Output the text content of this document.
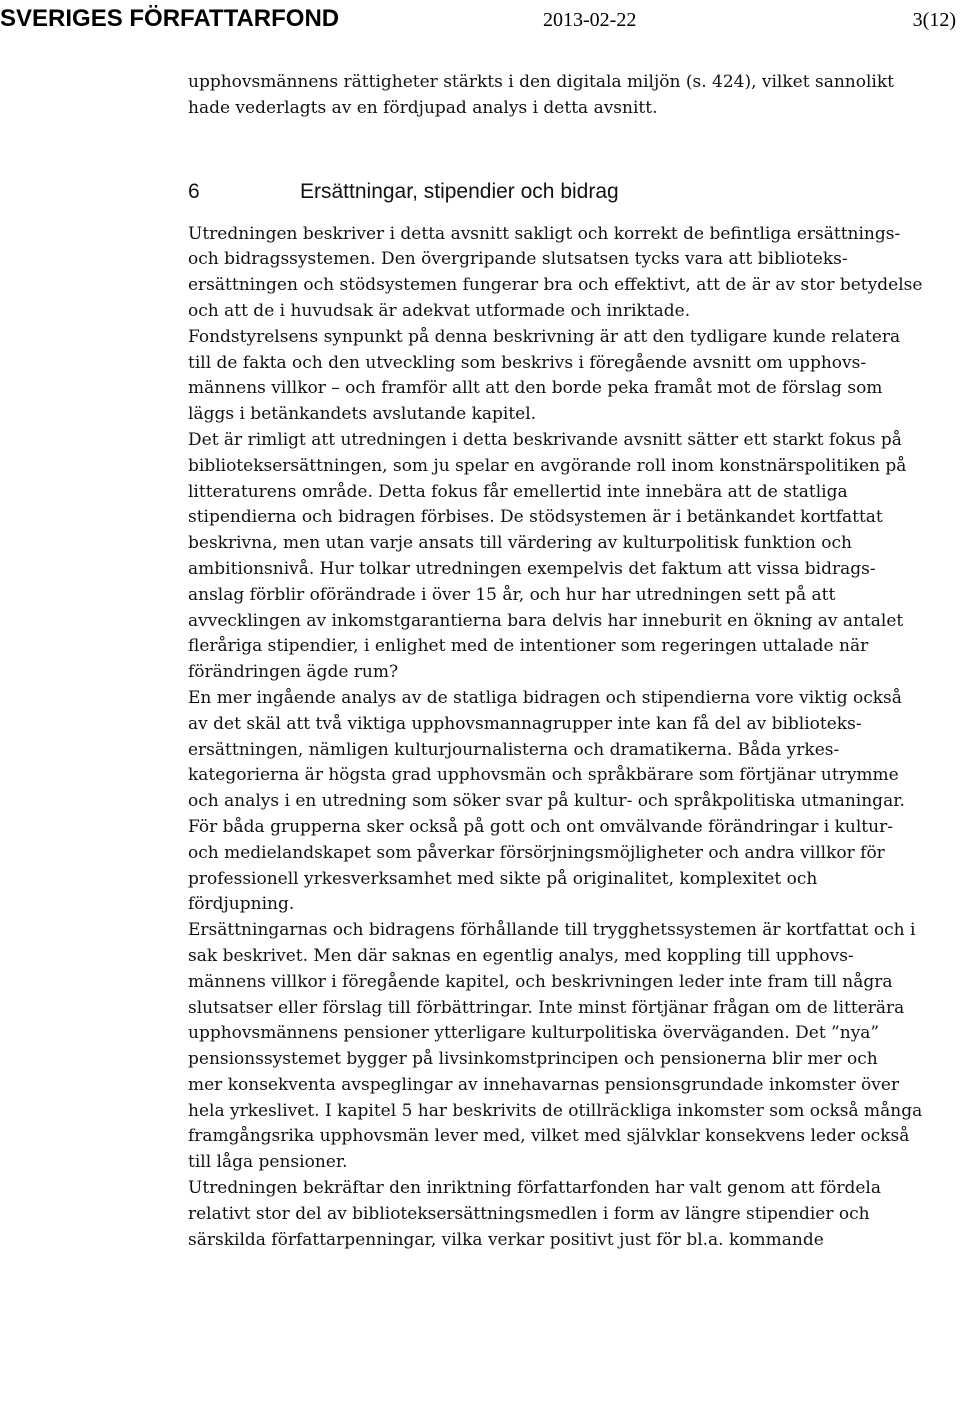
SVERIGES FÖRFATTARFOND	2013-02-22	3(12)

upphovsmännens rättigheter stärkts i den digitala miljön (s. 424), vilket sannolikt
hade vederlagts av en fördjupad analys i detta avsnitt.

6	Ersättningar, stipendier och bidrag

Utredningen beskriver i detta avsnitt sakligt och korrekt de befintliga ersättnings-
och bidragssystemen. Den övergripande slutsatsen tycks vara att biblioteks-
ersättningen och stödsystemen fungerar bra och effektivt, att de är av stor betydelse
och att de i huvudsak är adekvat utformade och inriktade.

Fondstyrelsens synpunkt på denna beskrivning är att den tydligare kunde relatera
till de fakta och den utveckling som beskrivs i föregående avsnitt om upphovs-
männens villkor – och framför allt att den borde peka framåt mot de förslag som
läggs i betänkandets avslutande kapitel.

Det är rimligt att utredningen i detta beskrivande avsnitt sätter ett starkt fokus på
biblioteksersättningen, som ju spelar en avgörande roll inom konstnärspolitiken på
litteraturens område. Detta fokus får emellertid inte innebära att de statliga
stipendierna och bidragen förbises. De stödsystemen är i betänkandet kortfattat
beskrivna, men utan varje ansats till värdering av kulturpolitisk funktion och
ambitionsnivå. Hur tolkar utredningen exempelvis det faktum att vissa bidrags-
anslag förblir oförändrade i över 15 år, och hur har utredningen sett på att
avvecklingen av inkomstgarantierna bara delvis har inneburit en ökning av antalet
fleråriga stipendier, i enlighet med de intentioner som regeringen uttalade när
förändringen ägde rum?

En mer ingående analys av de statliga bidragen och stipendierna vore viktig också
av det skäl att två viktiga upphovsmannagrupper inte kan få del av biblioteks-
ersättningen, nämligen kulturjournalisterna och dramatikerna. Båda yrkes-
kategorierna är högsta grad upphovsmän och språkbärare som förtjänar utrymme
och analys i en utredning som söker svar på kultur- och språkpolitiska utmaningar.
För båda grupperna sker också på gott och ont omvälvande förändringar i kultur-
och medielandskapet som påverkar försörjningsmöjligheter och andra villkor för
professionell yrkesverksamhet med sikte på originalitet, komplexitet och
fördjupning.

Ersättningarnas och bidragens förhållande till trygghetssystemen är kortfattat och i
sak beskrivet. Men där saknas en egentlig analys, med koppling till upphovs-
männens villkor i föregående kapitel, och beskrivningen leder inte fram till några
slutsatser eller förslag till förbättringar. Inte minst förtjänar frågan om de litterära
upphovsmännens pensioner ytterligare kulturpolitiska överväganden. Det ”nya”
pensionssystemet bygger på livsinkomstprincipen och pensionerna blir mer och
mer konsekventa avspeglingar av innehavarnas pensionsgrundade inkomster över
hela yrkeslivet. I kapitel 5 har beskrivits de otillräckliga inkomster som också många
framgångsrika upphovsmän lever med, vilket med självklar konsekvens leder också
till låga pensioner.

Utredningen bekräftar den inriktning författarfonden har valt genom att fördela
relativt stor del av biblioteksersättningsmedlen i form av längre stipendier och
särskilda författarpenningar, vilka verkar positivt just för bl.a. kommande
